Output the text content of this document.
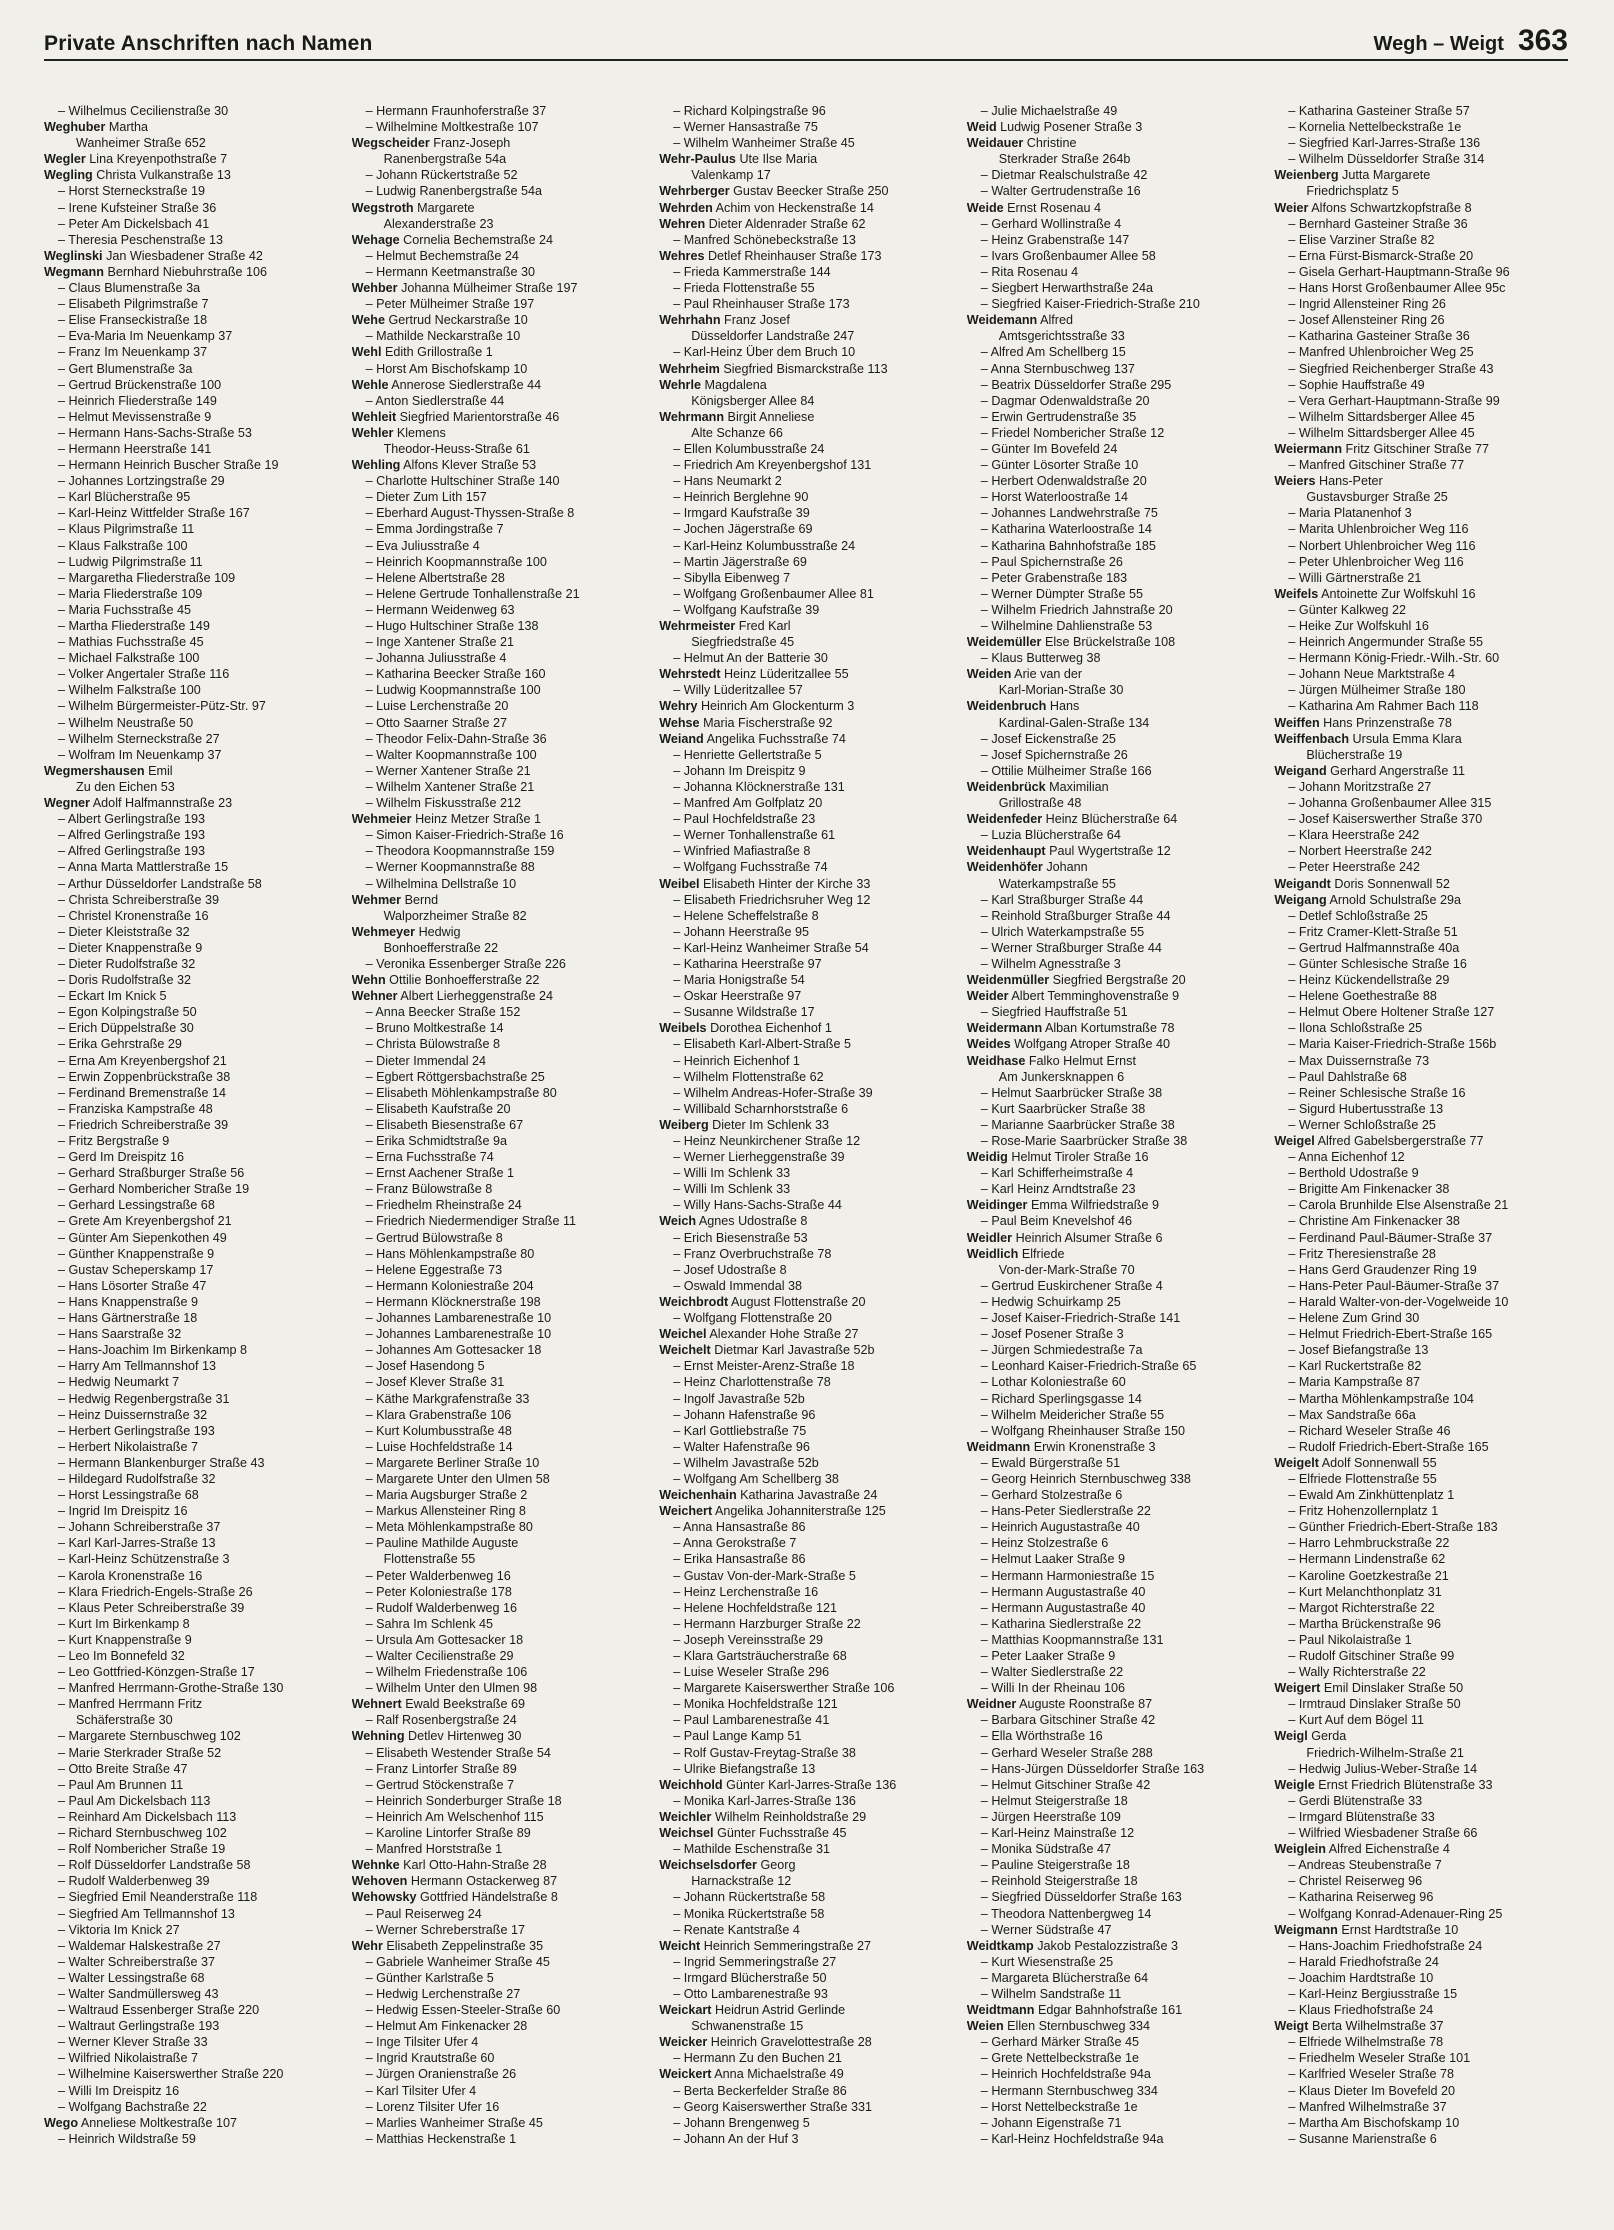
Private Anschriften nach Namen	Wegh – Weigt 363
– Wilhelmus Cecilienstraße 30
Weghuber Martha
Wanheimer Straße 652
Wegler Lina Kreyenpothstraße 7
Wegling Christa Vulkanstraße 13
– Horst Sterneckstraße 19
– Irene Kufsteiner Straße 36
– Peter Am Dickelsbach 41
– Theresia Peschenstraße 13
Weglinski Jan Wiesbadener Straße 42
Wegmann Bernhard Niebuhrstraße 106
– Claus Blumenstraße 3a
– Elisabeth Pilgrimstraße 7
– Elise Franseckistraße 18
– Eva-Maria Im Neuenkamp 37
– Franz Im Neuenkamp 37
– Gert Blumenstraße 3a
– Gertrud Brückenstraße 100
– Heinrich Fliederstraße 149
– Helmut Mevissenstraße 9
– Hermann Hans-Sachs-Straße 53
– Hermann Heerstraße 141
– Hermann Heinrich Buscher Straße 19
– Johannes Lortzingstraße 29
– Karl Blücherstraße 95
– Karl-Heinz Wittfelder Straße 167
– Klaus Pilgrimstraße 11
– Klaus Falkstraße 100
– Ludwig Pilgrimstraße 11
– Margaretha Fliederstraße 109
– Maria Fliederstraße 109
– Maria Fuchsstraße 45
– Martha Fliederstraße 149
– Mathias Fuchsstraße 45
– Michael Falkstraße 100
– Volker Angertaler Straße 116
– Wilhelm Falkstraße 100
– Wilhelm Bürgermeister-Pütz-Str. 97
– Wilhelm Neustraße 50
– Wilhelm Sterneckstraße 27
– Wolfram Im Neuenkamp 37
Wegmershausen Emil
Zu den Eichen 53
Wegner Adolf Halfmannstraße 23
– Albert Gerlingstraße 193
– Alfred Gerlingstraße 193
– Alfred Gerlingstraße 193
– Anna Marta Mattlerstraße 15
– Arthur Düsseldorfer Landstraße 58
– Christa Schreiberstraße 39
– Christel Kronenstraße 16
– Dieter Kleiststraße 32
– Dieter Knappenstraße 9
– Dieter Rudolfstraße 32
– Doris Rudolfstraße 32
– Eckart Im Knick 5
– Egon Kolpingstraße 50
– Erich Düppelstraße 30
– Erika Gehrstraße 29
– Erna Am Kreyenbergshof 21
– Erwin Zoppenbrückstraße 38
– Ferdinand Bremenstraße 14
– Franziska Kampstraße 48
– Friedrich Schreiberstraße 39
– Fritz Bergstraße 9
– Gerd Im Dreispitz 16
– Gerhard Straßburger Straße 56
– Gerhard Nombericher Straße 19
– Gerhard Lessingstraße 68
– Grete Am Kreyenbergshof 21
– Günter Am Siepenkothen 49
– Günther Knappenstraße 9
– Gustav Scheperskamp 17
– Hans Lösorter Straße 47
– Hans Knappenstraße 9
– Hans Gärtnerstraße 18
– Hans Saarstraße 32
– Hans-Joachim Im Birkenkamp 8
– Harry Am Tellmannshof 13
– Hedwig Neumarkt 7
– Hedwig Regenbergstraße 31
– Heinz Duissernstraße 32
– Herbert Gerlingstraße 193
– Herbert Nikolaistraße 7
– Hermann Blankenburger Straße 43
– Hildegard Rudolfstraße 32
– Horst Lessingstraße 68
– Ingrid Im Dreispitz 16
– Johann Schreiberstraße 37
– Karl Karl-Jarres-Straße 13
– Karl-Heinz Schützenstraße 3
– Karola Kronenstraße 16
– Klara Friedrich-Engels-Straße 26
– Klaus Peter Schreiberstraße 39
– Kurt Im Birkenkamp 8
– Kurt Knappenstraße 9
– Leo Im Bonnefeld 32
– Leo Gottfried-Könzgen-Straße 17
– Manfred Herrmann-Grothe-Straße 130
– Manfred Herrmann Fritz
Schäferstraße 30
– Margarete Sternbuschweg 102
– Marie Sterkrader Straße 52
– Otto Breite Straße 47
– Paul Am Brunnen 11
– Paul Am Dickelsbach 113
– Reinhard Am Dickelsbach 113
– Richard Sternbuschweg 102
– Rolf Nombericher Straße 19
– Rolf Düsseldorfer Landstraße 58
– Rudolf Walderbenweg 39
– Siegfried Emil Neanderstraße 118
– Siegfried Am Tellmannshof 13
– Viktoria Im Knick 27
– Waldemar Halskestraße 27
– Walter Schreiberstraße 37
– Walter Lessingstraße 68
– Walter Sandmüllersweg 43
– Waltraud Essenberger Straße 220
– Waltraut Gerlingstraße 193
– Werner Klever Straße 33
– Wilfried Nikolaistraße 7
– Wilhelmine Kaiserswerther Straße 220
– Willi Im Dreispitz 16
– Wolfgang Bachstraße 22
Wego Anneliese Moltkestraße 107
– Heinrich Wildstraße 59
– Hermann Fraunhoferstraße 37
– Wilhelmine Moltkestraße 107
Wegscheider Franz-Joseph
Ranenbergstraße 54a
– Johann Rückertstraße 52
– Ludwig Ranenbergstraße 54a
Wegstroth Margarete
Alexanderstraße 23
Wehage Cornelia Bechemstraße 24
– Helmut Bechemstraße 24
– Hermann Keetmanstraße 30
Wehber Johanna Mülheimer Straße 197
– Peter Mülheimer Straße 197
Wehe Gertrud Neckarstraße 10
– Mathilde Neckarstraße 10
Wehl Edith Grillostraße 1
– Horst Am Bischofskamp 10
Wehle Annerose Siedlerstraße 44
– Anton Siedlerstraße 44
Wehleit Siegfried Marientorstraße 46
Wehler Klemens
Theodor-Heuss-Straße 61
Wehling Alfons Klever Straße 53
– Charlotte Hultschiner Straße 140
– Dieter Zum Lith 157
– Eberhard August-Thyssen-Straße 8
– Emma Jordingstraße 7
– Eva Juliusstraße 4
– Heinrich Koopmannstraße 100
– Helene Albertstraße 28
– Helene Gertrude Tonhallenstraße 21
– Hermann Weidenweg 63
– Hugo Hultschiner Straße 138
– Inge Xantener Straße 21
– Johanna Juliusstraße 4
– Katharina Beecker Straße 160
– Ludwig Koopmannstraße 100
– Luise Lerchenstraße 20
– Otto Saarner Straße 27
– Theodor Felix-Dahn-Straße 36
– Walter Koopmannstraße 100
– Werner Xantener Straße 21
– Wilhelm Xantener Straße 21
– Wilhelm Fiskusstraße 212
Wehmeier Heinz Metzer Straße 1
– Simon Kaiser-Friedrich-Straße 16
– Theodora Koopmannstraße 159
– Werner Koopmannstraße 88
– Wilhelmina Dellstraße 10
Wehmer Bernd
Walporzheimer Straße 82
Wehmeyer Hedwig
Bonhoefferstraße 22
– Veronika Essenberger Straße 226
Wehn Ottilie Bonhoefferstraße 22
Wehner Albert Lierheggenstraße 24
– Anna Beecker Straße 152
– Bruno Moltkestraße 14
– Christa Bülowstraße 8
– Dieter Immendal 24
– Egbert Röttgersbachstraße 25
– Elisabeth Möhlenkampstraße 80
– Elisabeth Kaufstraße 20
– Elisabeth Biesenstraße 67
– Erika Schmidtstraße 9a
– Erna Fuchsstraße 74
– Ernst Aachener Straße 1
– Franz Bülowstraße 8
– Friedhelm Rheinstraße 24
– Friedrich Niedermendiger Straße 11
– Gertrud Bülowstraße 8
– Hans Möhlenkampstraße 80
– Helene Eggestraße 73
– Hermann Koloniestraße 204
– Hermann Klöcknerstraße 198
– Johannes Lambarenestraße 10
– Johannes Lambarenestraße 10
– Johannes Am Gottesacker 18
– Josef Hasendong 5
– Josef Klever Straße 31
– Käthe Markgrafenstraße 33
– Klara Grabenstraße 106
– Kurt Kolumbusstraße 48
– Luise Hochfeldstraße 14
– Margarete Berliner Straße 10
– Margarete Unter den Ulmen 58
– Maria Augsburger Straße 2
– Markus Allensteiner Ring 8
– Meta Möhlenkampstraße 80
– Pauline Mathilde Auguste
Flottenstraße 55
– Peter Walderbenweg 16
– Peter Koloniestraße 178
– Rudolf Walderbenweg 16
– Sahra Im Schlenk 45
– Ursula Am Gottesacker 18
– Walter Cecilienstraße 29
– Wilhelm Friedenstraße 106
– Wilhelm Unter den Ulmen 98
Wehnert Ewald Beekstraße 69
– Ralf Rosenbergstraße 24
Wehning Detlev Hirtenweg 30
– Elisabeth Westender Straße 54
– Franz Lintorfer Straße 89
– Gertrud Stöckenstraße 7
– Heinrich Sonderburger Straße 18
– Heinrich Am Welschenhof 115
– Karoline Lintorfer Straße 89
– Manfred Horststraße 1
Wehnke Karl Otto-Hahn-Straße 28
Wehoven Hermann Ostackerweg 87
Wehowsky Gottfried Händelstraße 8
– Paul Reiserweg 24
– Werner Schreberstraße 17
Wehr Elisabeth Zeppelinstraße 35
– Gabriele Wanheimer Straße 45
– Günther Karlstraße 5
– Hedwig Lerchenstraße 27
– Hedwig Essen-Steeler-Straße 60
– Helmut Am Finkenacker 28
– Inge Tilsiter Ufer 4
– Ingrid Krautstraße 60
– Jürgen Oranienstraße 26
– Karl Tilsiter Ufer 4
– Lorenz Tilsiter Ufer 16
– Marlies Wanheimer Straße 45
– Matthias Heckenstraße 1
– Richard Kolpingstraße 96
– Werner Hansastraße 75
– Wilhelm Wanheimer Straße 45
Wehr-Paulus Ute Ilse Maria
Valenkamp 17
Wehrberger Gustav Beecker Straße 250
Wehrden Achim von Heckenstraße 14
Wehren Dieter Aldenrader Straße 62
– Manfred Schönebeckstraße 13
Wehres Detlef Rheinhauser Straße 173
– Frieda Kammerstraße 144
– Frieda Flottenstraße 55
– Paul Rheinhauser Straße 173
Wehrhahn Franz Josef
Düsseldorfer Landstraße 247
– Karl-Heinz Über dem Bruch 10
Wehrheim Siegfried Bismarckstraße 113
Wehrle Magdalena
Königsberger Allee 84
Wehrmann Birgit Anneliese
Alte Schanze 66
– Ellen Kolumbusstraße 24
– Friedrich Am Kreyenbergshof 131
– Hans Neumarkt 2
– Heinrich Berglehne 90
– Irmgard Kaufstraße 39
– Jochen Jägerstraße 69
– Karl-Heinz Kolumbusstraße 24
– Martin Jägerstraße 69
– Sibylla Eibenweg 7
– Wolfgang Großenbaumer Allee 81
– Wolfgang Kaufstraße 39
Wehrmeister Fred Karl
Siegfriedstraße 45
– Helmut An der Batterie 30
Wehrstedt Heinz Lüderitzallee 55
– Willy Lüderitzallee 57
Wehry Heinrich Am Glockenturm 3
Wehse Maria Fischerstraße 92
Weiand Angelika Fuchsstraße 74
– Henriette Gellertstraße 5
– Johann Im Dreispitz 9
– Johanna Klöcknerstraße 131
– Manfred Am Golfplatz 20
– Paul Hochfeldstraße 23
– Werner Tonhallenstraße 61
– Winfried Mafiastraße 8
– Wolfgang Fuchsstraße 74
Weibel Elisabeth Hinter der Kirche 33
– Elisabeth Friedrichsruher Weg 12
– Helene Scheffelstraße 8
– Johann Heerstraße 95
– Karl-Heinz Wanheimer Straße 54
– Katharina Heerstraße 97
– Maria Honigstraße 54
– Oskar Heerstraße 97
– Susanne Wildstraße 17
Weibels Dorothea Eichenhof 1
– Elisabeth Karl-Albert-Straße 5
– Heinrich Eichenhof 1
– Wilhelm Flottenstraße 62
– Wilhelm Andreas-Hofer-Straße 39
– Willibald Scharnhorststraße 6
Weiberg Dieter Im Schlenk 33
– Heinz Neunkirchener Straße 12
– Werner Lierheggenstraße 39
– Willi Im Schlenk 33
– Willi Im Schlenk 33
– Willy Hans-Sachs-Straße 44
Weich Agnes Udostraße 8
– Erich Biesenstraße 53
– Franz Overbruchstraße 78
– Josef Udostraße 8
– Oswald Immendal 38
Weichbrodt August Flottenstraße 20
– Wolfgang Flottenstraße 20
Weichel Alexander Hohe Straße 27
Weichelt Dietmar Karl Javastraße 52b
– Ernst Meister-Arenz-Straße 18
– Heinz Charlottenstraße 78
– Ingolf Javastraße 52b
– Johann Hafenstraße 96
– Karl Gottliebstraße 75
– Walter Hafenstraße 96
– Wilhelm Javastraße 52b
– Wolfgang Am Schellberg 38
Weichenhain Katharina Javastraße 24
Weichert Angelika Johanniterstraße 125
– Anna Hansastraße 86
– Anna Gerokstraße 7
– Erika Hansastraße 86
– Gustav Von-der-Mark-Straße 5
– Heinz Lerchenstraße 16
– Helene Hochfeldstraße 121
– Hermann Harzburger Straße 22
– Joseph Vereinsstraße 29
– Klara Gartsträucherstraße 68
– Luise Weseler Straße 296
– Margarete Kaiserswerther Straße 106
– Monika Hochfeldstraße 121
– Paul Lambarenestraße 41
– Paul Lange Kamp 51
– Rolf Gustav-Freytag-Straße 38
– Ulrike Biefangstraße 13
Weichhold Günter Karl-Jarres-Straße 136
– Monika Karl-Jarres-Straße 136
Weichler Wilhelm Reinholdstraße 29
Weichsel Günter Fuchsstraße 45
– Mathilde Eschenstraße 31
Weichselsdorfer Georg
Harnackstraße 12
– Johann Rückertstraße 58
– Monika Rückertstraße 58
– Renate Kantstraße 4
Weicht Heinrich Semmeringstraße 27
– Ingrid Semmeringstraße 27
– Irmgard Blücherstraße 50
– Otto Lambarenestraße 93
Weickart Heidrun Astrid Gerlinde
Schwanenstraße 15
Weicker Heinrich Gravelottestraße 28
– Hermann Zu den Buchen 21
Weickert Anna Michaelstraße 49
– Berta Beckerfelder Straße 86
– Georg Kaiserswerther Straße 331
– Johann Brengenweg 5
– Johann An der Huf 3
– Julie Michaelstraße 49
Weid Ludwig Posener Straße 3
Weidauer Christine
Sterkrader Straße 264b
– Dietmar Realschulstraße 42
– Walter Gertrudenstraße 16
Weide Ernst Rosenau 4
– Gerhard Wollinstraße 4
– Heinz Grabenstraße 147
– Ivars Großenbaumer Allee 58
– Rita Rosenau 4
– Siegbert Herwarthstraße 24a
– Siegfried Kaiser-Friedrich-Straße 210
Weidemann Alfred
Amtsgerichtsstraße 33
– Alfred Am Schellberg 15
– Anna Sternbuschweg 137
– Beatrix Düsseldorfer Straße 295
– Dagmar Odenwaldstraße 20
– Erwin Gertrudenstraße 35
– Friedel Nombericher Straße 12
– Günter Im Bovefeld 24
– Günter Lösorter Straße 10
– Herbert Odenwaldstraße 20
– Horst Waterloostraße 14
– Johannes Landwehrstraße 75
– Katharina Waterloostraße 14
– Katharina Bahnhofstraße 185
– Paul Spichernstraße 26
– Peter Grabenstraße 183
– Werner Dümpter Straße 55
– Wilhelm Friedrich Jahnstraße 20
– Wilhelmine Dahlienstraße 53
Weidemüller Else Brückelstraße 108
– Klaus Butterweg 38
Weiden Arie van der
Karl-Morian-Straße 30
Weidenbruch Hans
Kardinal-Galen-Straße 134
– Josef Eickenstraße 25
– Josef Spichernstraße 26
– Ottilie Mülheimer Straße 166
Weidenbrück Maximilian
Grillostraße 48
Weidenfeder Heinz Blücherstraße 64
– Luzia Blücherstraße 64
Weidenhaupt Paul Wygertstraße 12
Weidenhöfer Johann
Waterkampstraße 55
– Karl Straßburger Straße 44
– Reinhold Straßburger Straße 44
– Ulrich Waterkampstraße 55
– Werner Straßburger Straße 44
– Wilhelm Agnesstraße 3
Weidenmüller Siegfried Bergstraße 20
Weider Albert Temminghovenstraße 9
– Siegfried Hauffstraße 51
Weidermann Alban Kortumstraße 78
Weides Wolfgang Atroper Straße 40
Weidhase Falko Helmut Ernst
Am Junkersknappen 6
– Helmut Saarbrücker Straße 38
– Kurt Saarbrücker Straße 38
– Marianne Saarbrücker Straße 38
– Rose-Marie Saarbrücker Straße 38
Weidig Helmut Tiroler Straße 16
– Karl Schifferheimstraße 4
– Karl Heinz Arndtstraße 23
Weidinger Emma Wilfriedstraße 9
– Paul Beim Knevelshof 46
Weidler Heinrich Alsumer Straße 6
Weidlich Elfriede
Von-der-Mark-Straße 70
– Gertrud Euskirchener Straße 4
– Hedwig Schuirkamp 25
– Josef Kaiser-Friedrich-Straße 141
– Josef Posener Straße 3
– Jürgen Schmiedestraße 7a
– Leonhard Kaiser-Friedrich-Straße 65
– Lothar Koloniestraße 60
– Richard Sperlingsgasse 14
– Wilhelm Meidericher Straße 55
– Wolfgang Rheinhauser Straße 150
Weidmann Erwin Kronenstraße 3
– Ewald Bürgerstraße 51
– Georg Heinrich Sternbuschweg 338
– Gerhard Stolzestraße 6
– Hans-Peter Siedlerstraße 22
– Heinrich Augustastraße 40
– Heinz Stolzestraße 6
– Helmut Laaker Straße 9
– Hermann Harmoniestraße 15
– Hermann Augustastraße 40
– Hermann Augustastraße 40
– Katharina Siedlerstraße 22
– Matthias Koopmannstraße 131
– Peter Laaker Straße 9
– Walter Siedlerstraße 22
– Willi In der Rheinau 106
Weidner Auguste Roonstraße 87
– Barbara Gitschiner Straße 42
– Ella Wörthstraße 16
– Gerhard Weseler Straße 288
– Hans-Jürgen Düsseldorfer Straße 163
– Helmut Gitschiner Straße 42
– Helmut Steigerstraße 18
– Jürgen Heerstraße 109
– Karl-Heinz Mainstraße 12
– Monika Südstraße 47
– Pauline Steigerstraße 18
– Reinhold Steigerstraße 18
– Siegfried Düsseldorfer Straße 163
– Theodora Nattenbergweg 14
– Werner Südstraße 47
Weidtkamp Jakob Pestalozzistraße 3
– Kurt Wiesenstraße 25
– Margareta Blücherstraße 64
– Wilhelm Sandstraße 11
Weidtmann Edgar Bahnhofstraße 161
Weien Ellen Sternbuschweg 334
– Gerhard Märker Straße 45
– Grete Nettelbeckstraße 1e
– Heinrich Hochfeldstraße 94a
– Hermann Sternbuschweg 334
– Horst Nettelbeckstraße 1e
– Johann Eigenstraße 71
– Karl-Heinz Hochfeldstraße 94a
– Katharina Gasteiner Straße 57
– Kornelia Nettelbeckstraße 1e
– Siegfried Karl-Jarres-Straße 136
– Wilhelm Düsseldorfer Straße 314
Weienberg Jutta Margarete
Friedrichsplatz 5
Weier Alfons Schwartzkopfstraße 8
– Bernhard Gasteiner Straße 36
– Elise Varziner Straße 82
– Erna Fürst-Bismarck-Straße 20
– Gisela Gerhart-Hauptmann-Straße 96
– Hans Horst Großenbaumer Allee 95c
– Ingrid Allensteiner Ring 26
– Josef Allensteiner Ring 26
– Katharina Gasteiner Straße 36
– Manfred Uhlenbroicher Weg 25
– Siegfried Reichenberger Straße 43
– Sophie Hauffstraße 49
– Vera Gerhart-Hauptmann-Straße 99
– Wilhelm Sittardsberger Allee 45
– Wilhelm Sittardsberger Allee 45
Weiermann Fritz Gitschiner Straße 77
– Manfred Gitschiner Straße 77
Weiers Hans-Peter
Gustavsburger Straße 25
– Maria Platanenhof 3
– Marita Uhlenbroicher Weg 116
– Norbert Uhlenbroicher Weg 116
– Peter Uhlenbroicher Weg 116
– Willi Gärtnerstraße 21
Weifels Antoinette Zur Wolfskuhl 16
– Günter Kalkweg 22
– Heike Zur Wolfskuhl 16
– Heinrich Angermunder Straße 55
– Hermann König-Friedr.-Wilh.-Str. 60
– Johann Neue Marktstraße 4
– Jürgen Mülheimer Straße 180
– Katharina Am Rahmer Bach 118
Weiffen Hans Prinzenstraße 78
Weiffenbach Ursula Emma Klara
Blücherstraße 19
Weigand Gerhard Angerstraße 11
– Johann Moritzstraße 27
– Johanna Großenbaumer Allee 315
– Josef Kaiserswerther Straße 370
– Klara Heerstraße 242
– Norbert Heerstraße 242
– Peter Heerstraße 242
Weigandt Doris Sonnenwall 52
Weigang Arnold Schulstraße 29a
– Detlef Schloßstraße 25
– Fritz Cramer-Klett-Straße 51
– Gertrud Halfmannstraße 40a
– Günter Schlesische Straße 16
– Heinz Kückendellstraße 29
– Helene Goethestraße 88
– Helmut Obere Holtener Straße 127
– Ilona Schloßstraße 25
– Maria Kaiser-Friedrich-Straße 156b
– Max Duissernstraße 73
– Paul Dahlstraße 68
– Reiner Schlesische Straße 16
– Sigurd Hubertusstraße 13
– Werner Schloßstraße 25
Weigel Alfred Gabelsbergerstraße 77
– Anna Eichenhof 12
– Berthold Udostraße 9
– Brigitte Am Finkenacker 38
– Carola Brunhilde Else Alsenstraße 21
– Christine Am Finkenacker 38
– Ferdinand Paul-Bäumer-Straße 37
– Fritz Theresienstraße 28
– Hans Gerd Graudenzer Ring 19
– Hans-Peter Paul-Bäumer-Straße 37
– Harald Walter-von-der-Vogelweide 10
– Helene Zum Grind 30
– Helmut Friedrich-Ebert-Straße 165
– Josef Biefangstraße 13
– Karl Ruckertstraße 82
– Maria Kampstraße 87
– Martha Möhlenkampstraße 104
– Max Sandstraße 66a
– Richard Weseler Straße 46
– Rudolf Friedrich-Ebert-Straße 165
Weigelt Adolf Sonnenwall 55
– Elfriede Flottenstraße 55
– Ewald Am Zinkhüttenplatz 1
– Fritz Hohenzollernplatz 1
– Günther Friedrich-Ebert-Straße 183
– Harro Lehmbruckstraße 22
– Hermann Lindenstraße 62
– Karoline Goetzkestraße 21
– Kurt Melanchthonplatz 31
– Margot Richterstraße 22
– Martha Brückenstraße 96
– Paul Nikolaistraße 1
– Rudolf Gitschiner Straße 99
– Wally Richterstraße 22
Weigert Emil Dinslaker Straße 50
– Irmtraud Dinslaker Straße 50
– Kurt Auf dem Bögel 11
Weigl Gerda
Friedrich-Wilhelm-Straße 21
– Hedwig Julius-Weber-Straße 14
Weigle Ernst Friedrich Blütenstraße 33
– Gerdi Blütenstraße 33
– Irmgard Blütenstraße 33
– Wilfried Wiesbadener Straße 66
Weiglein Alfred Eichenstraße 4
– Andreas Steubenstraße 7
– Christel Reiserweg 96
– Katharina Reiserweg 96
– Wolfgang Konrad-Adenauer-Ring 25
Weigmann Ernst Hardtstraße 10
– Hans-Joachim Friedhofstraße 24
– Harald Friedhofstraße 24
– Joachim Hardtstraße 10
– Karl-Heinz Bergiusstraße 15
– Klaus Friedhofstraße 24
Weigt Berta Wilhelmstraße 37
– Elfriede Wilhelmstraße 78
– Friedhelm Weseler Straße 101
– Karlfried Weseler Straße 78
– Klaus Dieter Im Bovefeld 20
– Manfred Wilhelmstraße 37
– Martha Am Bischofskamp 10
– Susanne Marienstraße 6
